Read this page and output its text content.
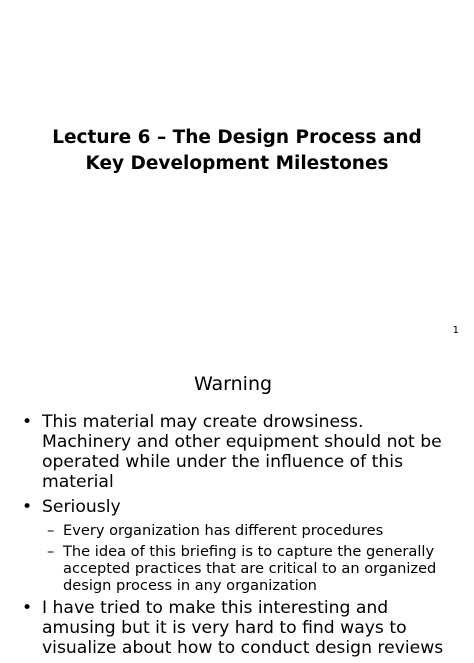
Lecture 6 – The Design Process and
Key Development Milestones
1
Warning
• This material may create drowsiness. Machinery and other equipment should not be operated while under the influence of this material
• Seriously
– Every organization has different procedures
– The idea of this briefing is to capture the generally accepted practices that are critical to an organized design process in any organization
• I have tried to make this interesting and amusing but it is very hard to find ways to visualize about how to conduct design reviews
